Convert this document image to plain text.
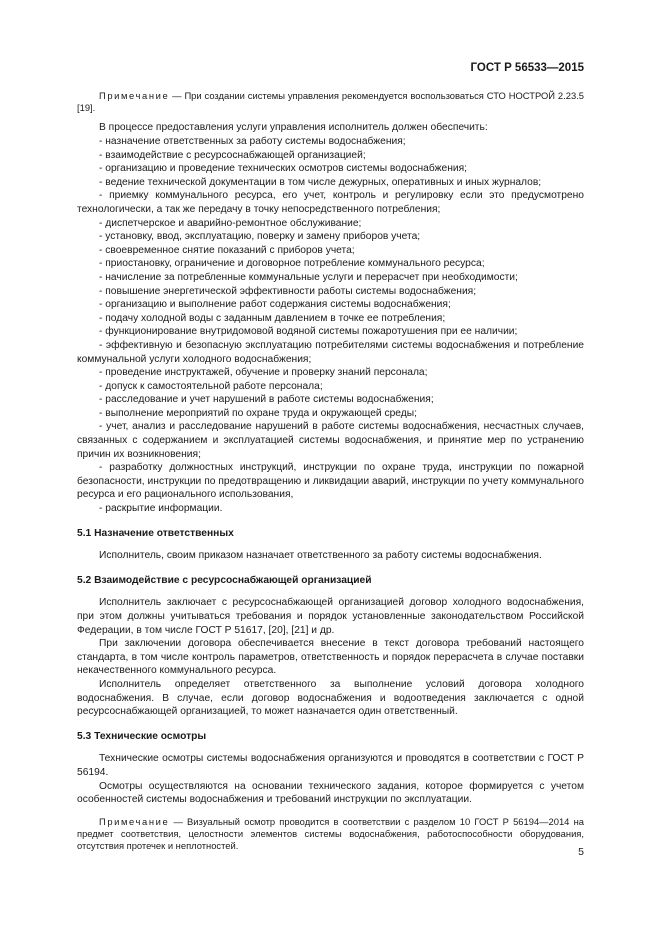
ГОСТ Р 56533—2015

Примечание — При создании системы управления рекомендуется воспользоваться СТО НОСТРОЙ 2.23.5 [19].

В процессе предоставления услуги управления исполнитель должен обеспечить:

- назначение ответственных за работу системы водоснабжения;

- взаимодействие с ресурсоснабжающей организацией;

- организацию и проведение технических осмотров системы водоснабжения;

- ведение технической документации в том числе дежурных, оперативных и иных журналов;

- приемку коммунального ресурса, его учет, контроль и регулировку если это предусмотрено технологически, а так же передачу в точку непосредственного потребления;

- диспетчерское и аварийно-ремонтное обслуживание;

- установку, ввод, эксплуатацию, поверку и замену приборов учета;

- своевременное снятие показаний с приборов учета;

- приостановку, ограничение и договорное потребление коммунального ресурса;

- начисление за потребленные коммунальные услуги и перерасчет при необходимости;

- повышение энергетической эффективности работы системы водоснабжения;

- организацию и выполнение работ содержания системы водоснабжения;

- подачу холодной воды с заданным давлением в точке ее потребления;

- функционирование внутридомовой водяной системы пожаротушения при ее наличии;

- эффективную и безопасную эксплуатацию потребителями системы водоснабжения и потребление коммунальной услуги холодного водоснабжения;

- проведение инструктажей, обучение и проверку знаний персонала;

- допуск к самостоятельной работе персонала;

- расследование и учет нарушений в работе системы водоснабжения;

- выполнение мероприятий по охране труда и окружающей среды;

- учет, анализ и расследование нарушений в работе системы водоснабжения, несчастных случаев, связанных с содержанием и эксплуатацией системы водоснабжения, и принятие мер по устранению причин их возникновения;

- разработку должностных инструкций, инструкции по охране труда, инструкции по пожарной безопасности, инструкции по предотвращению и ликвидации аварий, инструкции по учету коммунального ресурса и его рационального использования,

- раскрытие информации.

5.1 Назначение ответственных

Исполнитель, своим приказом назначает ответственного за работу системы водоснабжения.

5.2 Взаимодействие с ресурсоснабжающей организацией

Исполнитель заключает с ресурсоснабжающей организацией договор холодного водоснабжения, при этом должны учитываться требования и порядок установленные законодательством Российской Федерации, в том числе ГОСТ Р 51617, [20], [21] и др.

При заключении договора обеспечивается внесение в текст договора требований настоящего стандарта, в том числе контроль параметров, ответственность и порядок перерасчета в случае поставки некачественного коммунального ресурса.

Исполнитель определяет ответственного за выполнение условий договора холодного водоснабжения. В случае, если договор водоснабжения и водоотведения заключается с одной ресурсоснабжающей организацией, то может назначается один ответственный.

5.3 Технические осмотры

Технические осмотры системы водоснабжения организуются и проводятся в соответствии с ГОСТ Р 56194.

Осмотры осуществляются на основании технического задания, которое формируется с учетом особенностей системы водоснабжения и требований инструкции по эксплуатации.

Примечание — Визуальный осмотр проводится в соответствии с разделом 10 ГОСТ Р 56194—2014 на предмет соответствия, целостности элементов системы водоснабжения, работоспособности оборудования, отсутствия протечек и неплотностей.

5
